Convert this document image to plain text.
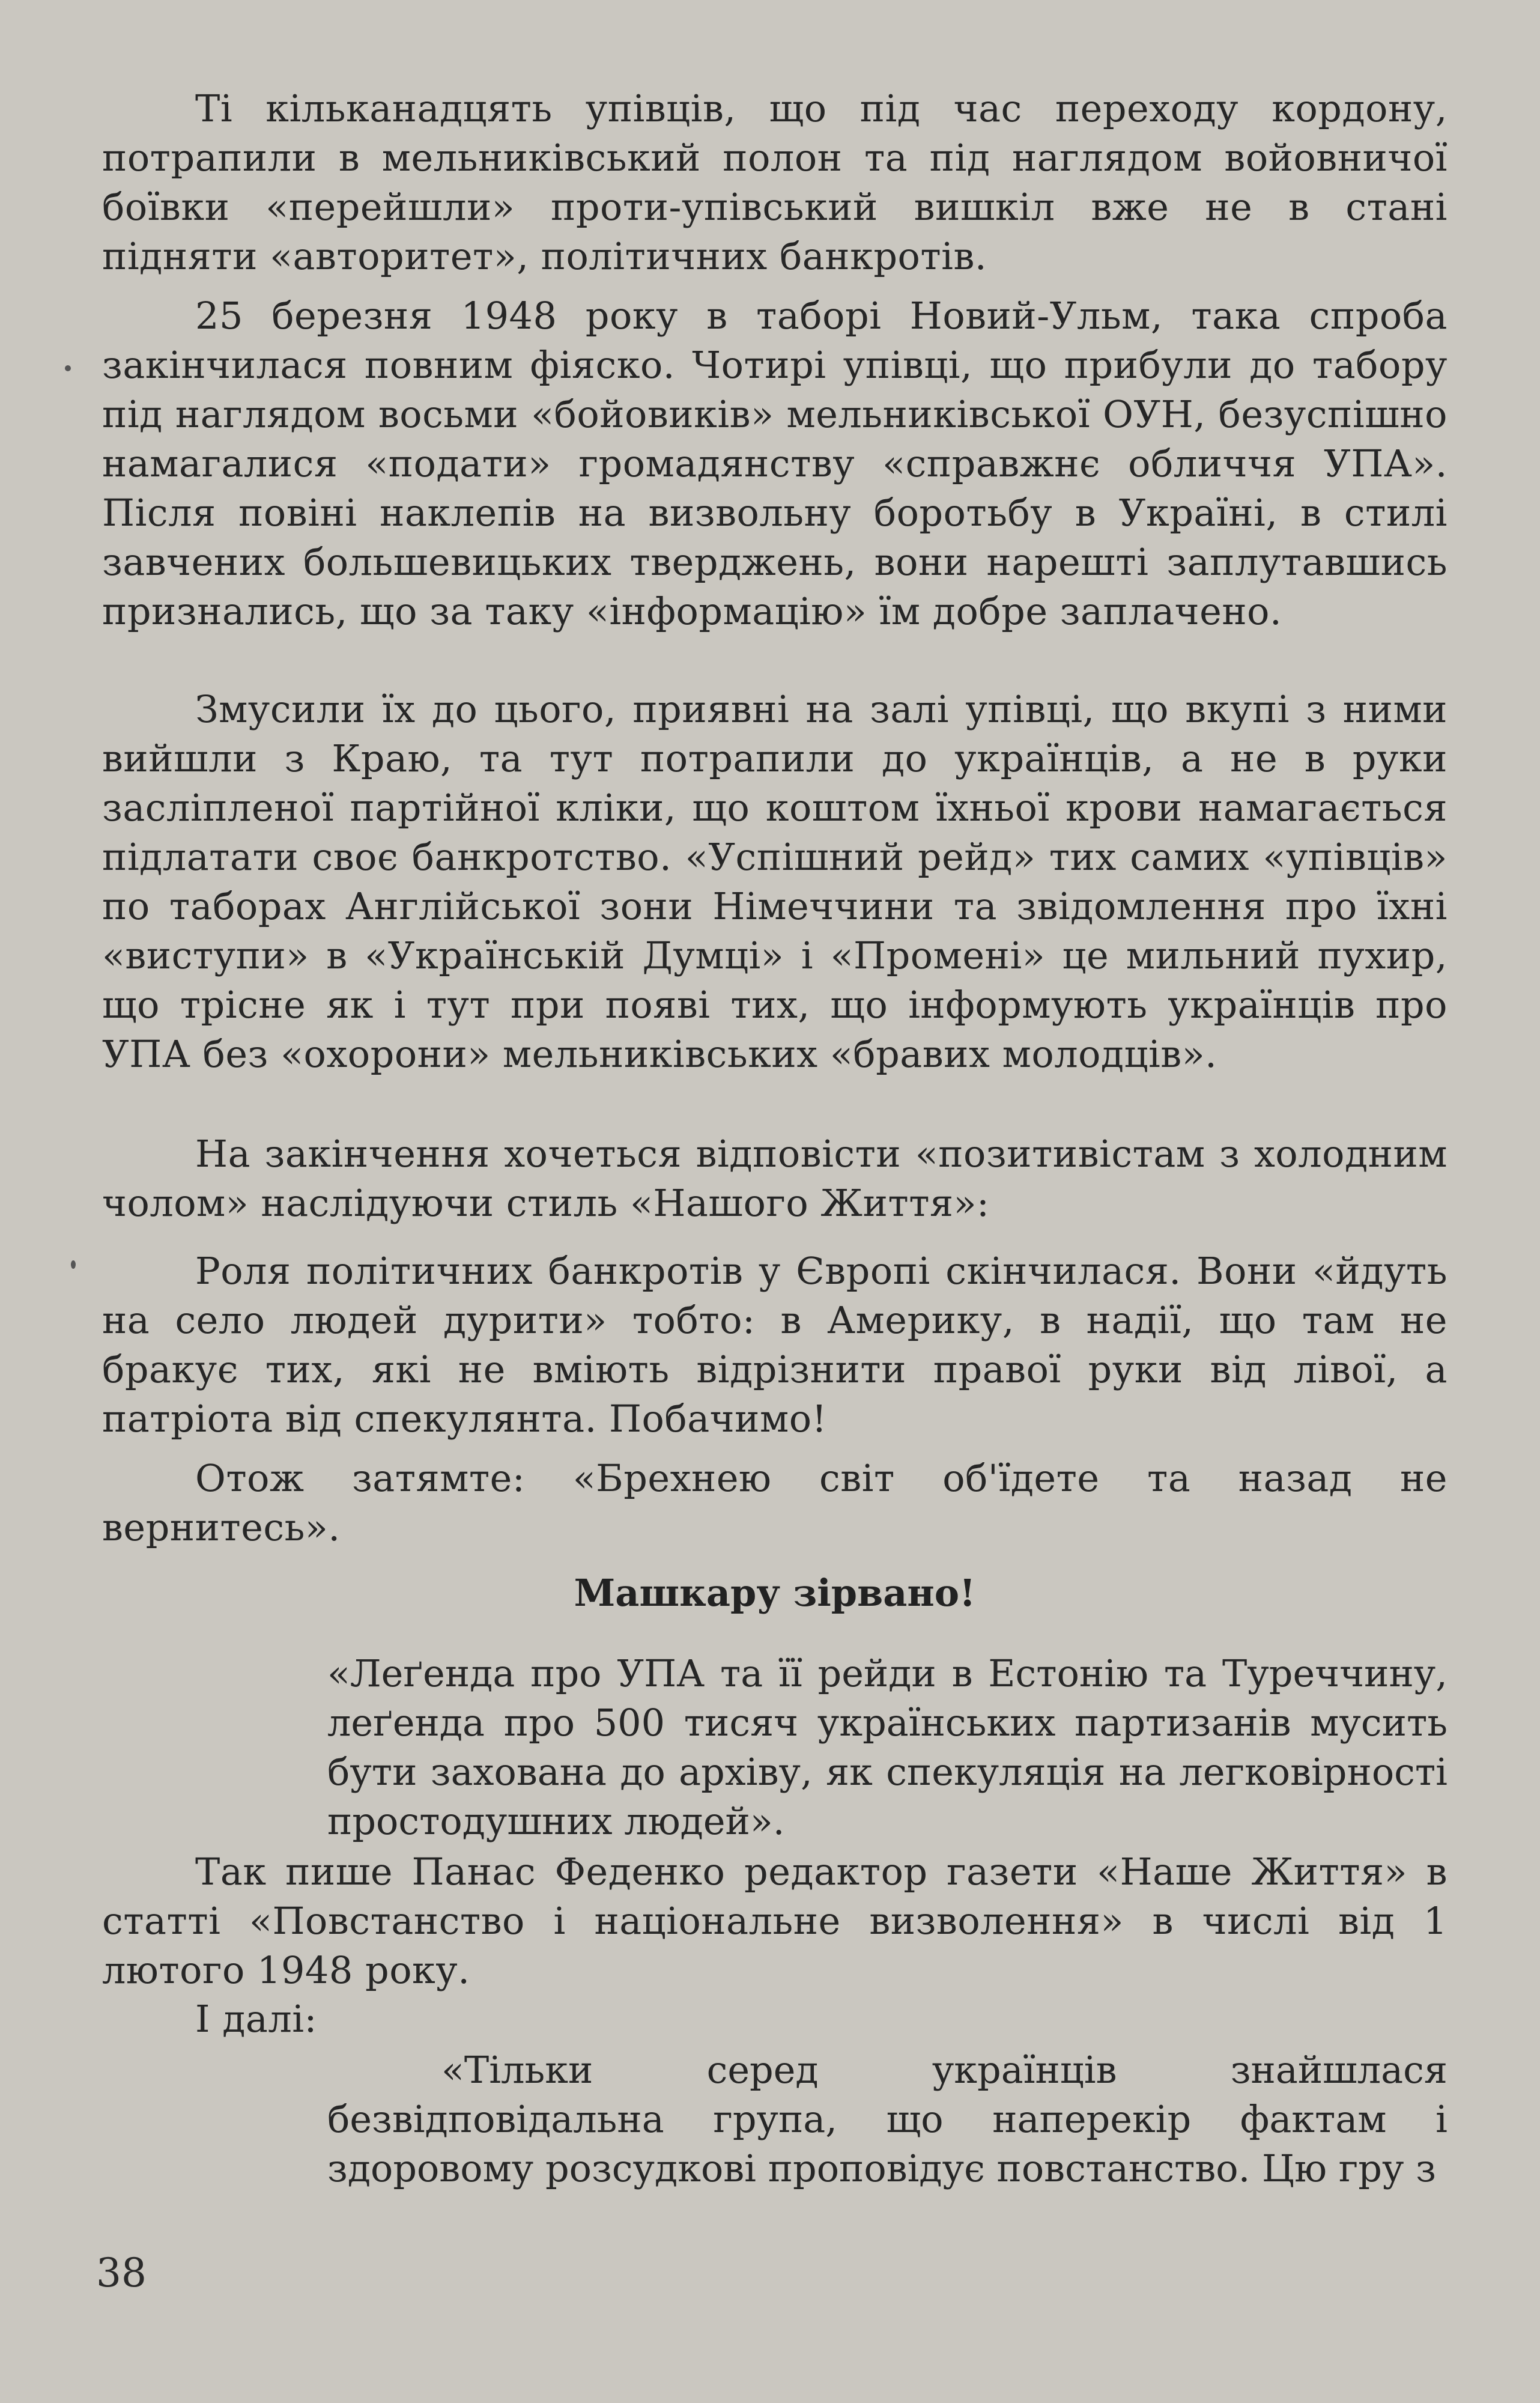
Ті кільканадцять упівців, що під час переходу кордону, потрапили в мельниківський полон та під наглядом войовничої боївки «перейшли» проти-упівський вишкіл вже не в стані підняти «авторитет», політичних банкротів.

25 березня 1948 року в таборі Новий-Ульм, така спроба закінчилася повним фіяско. Чотирі упівці, що прибули до табору під наглядом восьми «бойовиків» мельниківської ОУН, безуспішно намагалися «подати» громадянству «справжнє обличчя УПА». Після повіні наклепів на визвольну боротьбу в Україні, в стилі завчених большевицьких тверджень, вони нарешті заплутавшись призналиcь, що за таку «інформацію» їм добре заплачено.

Змусили їх до цього, приявні на залі упівці, що вкупі з ними вийшли з Краю, та тут потрапили до українців, а не в руки засліпленої партійної кліки, що коштом їхньої крови намагається підлатати своє банкротство. «Успішний рейд» тих самих «упівців» по таборах Англійської зони Німеччини та звідомлення про їхні «виступи» в «Українській Думці» і «Промені» це мильний пухир, що трісне як і тут при появі тих, що інформують українців про УПА без «охорони» мельниківських «бравих молодців».

На закінчення хочеться відповісти «позитивістам з холодним чолом» наслідуючи стиль «Нашого Життя»:

Роля політичних банкротів у Європі скінчилася. Вони «йдуть на село людей дурити» тобто: в Америку, в надії, що там не бракує тих, які не вміють відрізнити правої руки від лівої, а патріота від спекулянта. Побачимо!

Отож затямте: «Брехнею світ об'їдете та назад не вернитесь».

Машкару зірвано!

«Леґенда про УПА та її рейди в Естонію та Туреччину, леґенда про 500 тисяч українських партизанів мусить бути захована до архіву, як спекуляція на легковірності простодушних людей».

Так пише Панас Феденко редактор газети «Наше Життя» в статті «Повстанство і національне визволення» в числі від 1 лютого 1948 року.

І далі:

«Тільки серед українців знайшлася безвідповідальна група, що наперекір фактам і здоровому розсудкові проповідує повстанство. Цю гру з

38
